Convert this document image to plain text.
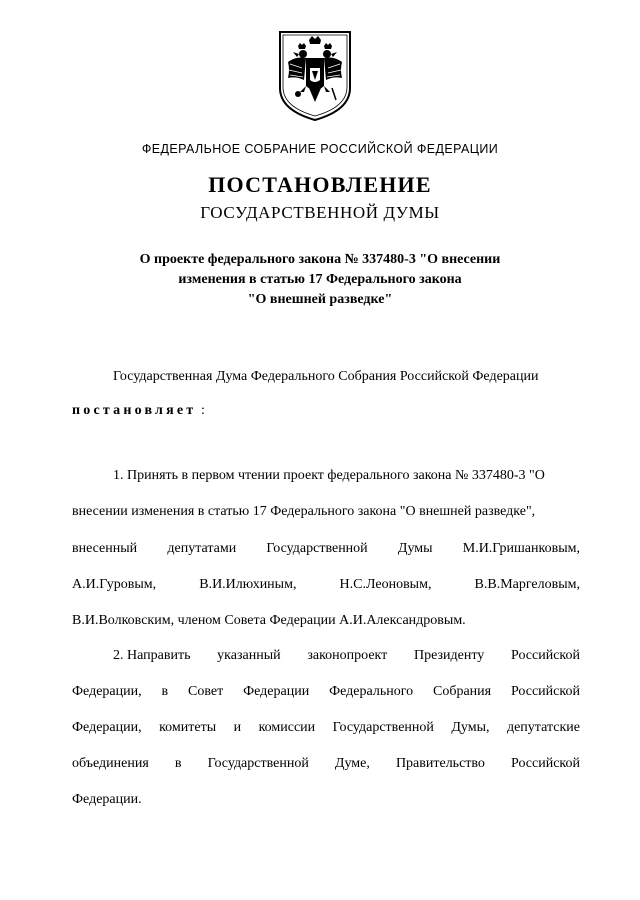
ФЕДЕРАЛЬНОЕ СОБРАНИЕ РОССИЙСКОЙ ФЕДЕРАЦИИ
ПОСТАНОВЛЕНИЕ
ГОСУДАРСТВЕННОЙ ДУМЫ
О проекте федерального закона № 337480-3 "О внесении
изменения в статью 17 Федерального закона
"О внешней разведке"
Государственная Дума Федерального Собрания Российской Федерации
постановляет :
1. Принять в первом чтении проект федерального закона № 337480-3 "О
внесении изменения в статью 17 Федерального закона "О внешней разведке",
внесенный депутатами Государственной Думы М.И.Гришанковым,
А.И.Гуровым,	В.И.Илюхиным,	Н.С.Леоновым,	В.В.Маргеловым,
В.И.Волковским, членом Совета Федерации А.И.Александровым.
2. Направить указанный законопроект Президенту Российской
Федерации, в Совет Федерации Федерального Собрания Российской
Федерации, комитеты и комиссии Государственной Думы, депутатские
объединения в Государственной Думе, Правительство Российской
Федерации.
